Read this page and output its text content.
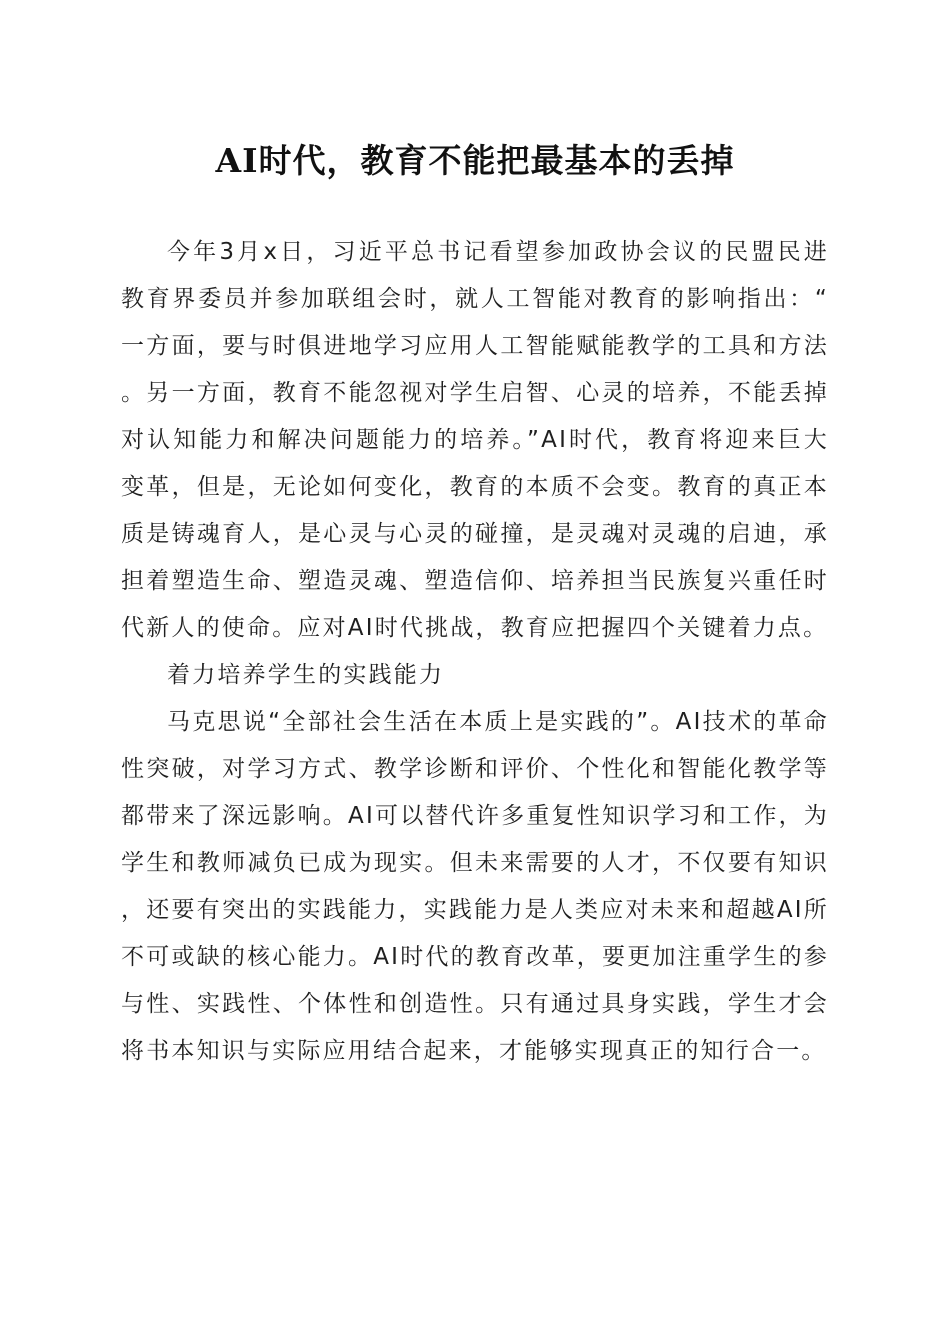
AI时代，教育不能把最基本的丢掉

今年3月x日，习近平总书记看望参加政协会议的民盟民进教育界委员并参加联组会时，就人工智能对教育的影响指出：“一方面，要与时俱进地学习应用人工智能赋能教学的工具和方法。另一方面，教育不能忽视对学生启智、心灵的培养，不能丢掉对认知能力和解决问题能力的培养。”AI时代，教育将迎来巨大变革，但是，无论如何变化，教育的本质不会变。教育的真正本质是铸魂育人，是心灵与心灵的碰撞，是灵魂对灵魂的启迪，承担着塑造生命、塑造灵魂、塑造信仰、培养担当民族复兴重任时代新人的使命。应对AI时代挑战，教育应把握四个关键着力点。

着力培养学生的实践能力

马克思说“全部社会生活在本质上是实践的”。AI技术的革命性突破，对学习方式、教学诊断和评价、个性化和智能化教学等都带来了深远影响。AI可以替代许多重复性知识学习和工作，为学生和教师减负已成为现实。但未来需要的人才，不仅要有知识，还要有突出的实践能力，实践能力是人类应对未来和超越AI所不可或缺的核心能力。AI时代的教育改革，要更加注重学生的参与性、实践性、个体性和创造性。只有通过具身实践，学生才会将书本知识与实际应用结合起来，才能够实现真正的知行合一。
